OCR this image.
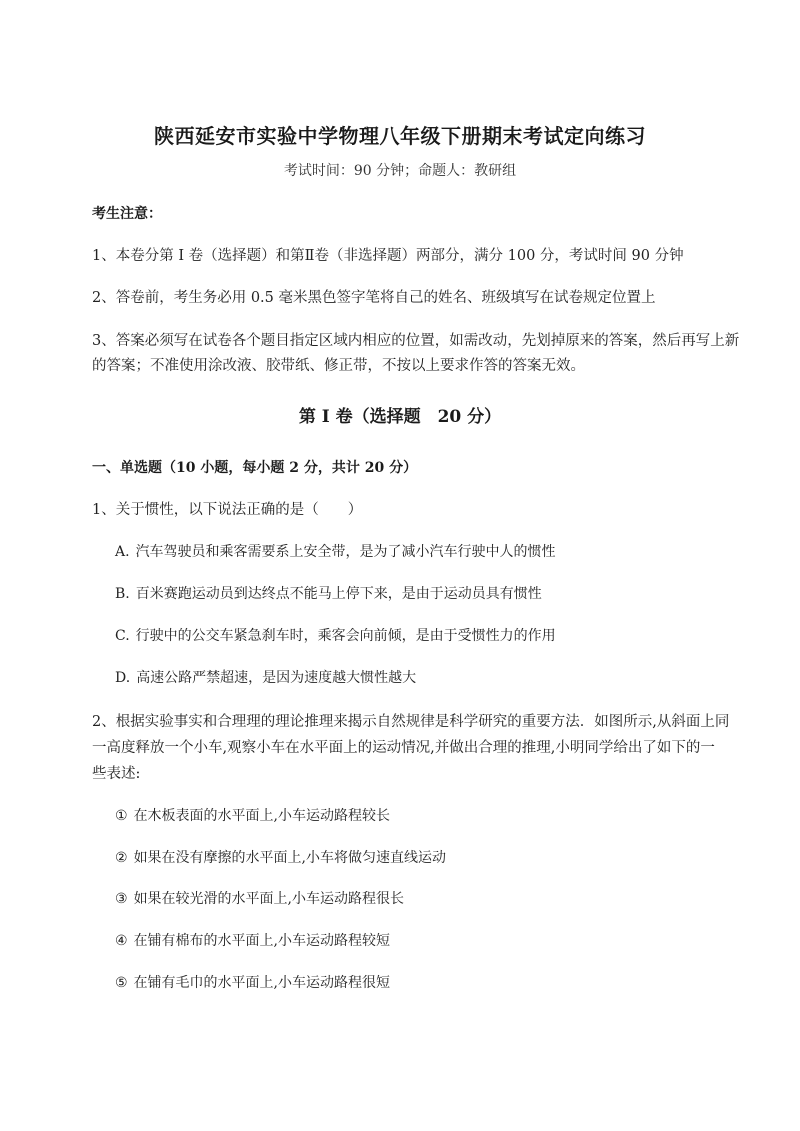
陕西延安市实验中学物理八年级下册期末考试定向练习
考试时间：90 分钟；命题人：教研组
考生注意：
1、本卷分第 I 卷（选择题）和第Ⅱ卷（非选择题）两部分，满分 100 分，考试时间 90 分钟
2、答卷前，考生务必用 0.5 毫米黑色签字笔将自己的姓名、班级填写在试卷规定位置上
3、答案必须写在试卷各个题目指定区域内相应的位置，如需改动，先划掉原来的答案，然后再写上新
的答案；不准使用涂改液、胶带纸、修正带，不按以上要求作答的答案无效。
第 I 卷（选择题　20 分）
一、单选题（10 小题，每小题 2 分，共计 20 分）
1、关于惯性，以下说法正确的是（　　）
A. 汽车驾驶员和乘客需要系上安全带，是为了减小汽车行驶中人的惯性
B. 百米赛跑运动员到达终点不能马上停下来，是由于运动员具有惯性
C. 行驶中的公交车紧急刹车时，乘客会向前倾，是由于受惯性力的作用
D. 高速公路严禁超速，是因为速度越大惯性越大
2、根据实验事实和合理理的理论推理来揭示自然规律是科学研究的重要方法．如图所示,从斜面上同
一高度释放一个小车,观察小车在水平面上的运动情况,并做出合理的推理,小明同学给出了如下的一
些表述:
① 在木板表面的水平面上,小车运动路程较长
② 如果在没有摩擦的水平面上,小车将做匀速直线运动
③ 如果在较光滑的水平面上,小车运动路程很长
④ 在铺有棉布的水平面上,小车运动路程较短
⑤ 在铺有毛巾的水平面上,小车运动路程很短
